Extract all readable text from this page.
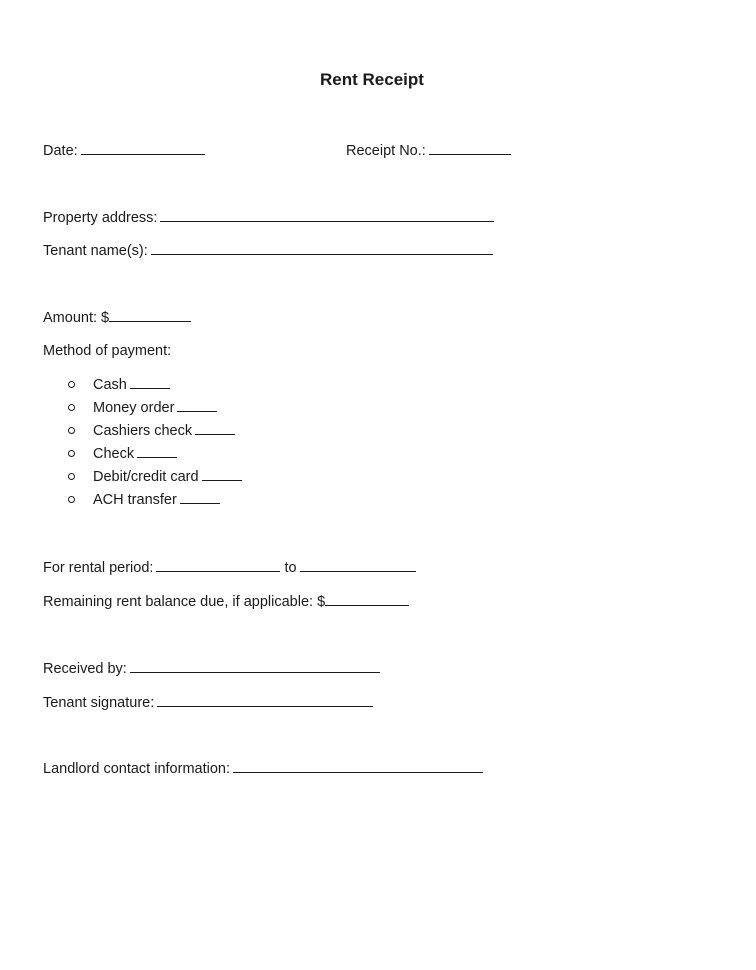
Rent Receipt
Date:	Receipt No.:
Property address:
Tenant name(s):
Amount: $
Method of payment:
Cash
Money order
Cashiers check
Check
Debit/credit card
ACH transfer
For rental period:	to
Remaining rent balance due, if applicable: $
Received by:
Tenant signature:
Landlord contact information:
